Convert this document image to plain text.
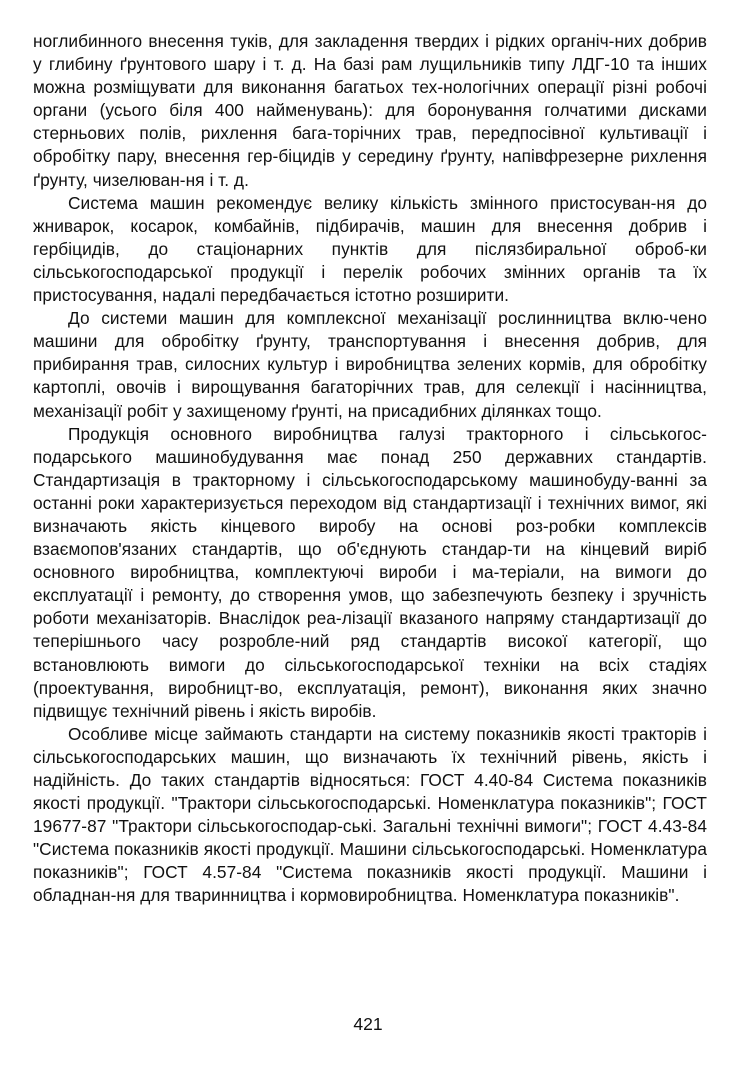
ноглибинного внесення туків, для закладення твердих і рідких органіч-них добрив у глибину ґрунтового шару і т. д. На базі рам лущильників типу ЛДГ-10 та інших можна розміщувати для виконання багатьох тех-нологічних операції різні робочі органи (усього біля 400 найменувань): для боронування голчатими дисками стерньових полів, рихлення бага-торічних трав, передпосівної культивації і обробітку пару, внесення гер-біцидів у середину ґрунту, напівфрезерне рихлення ґрунту, чизелюван-ня і т. д.

Система машин рекомендує велику кількість змінного пристосуван-ня до жниварок, косарок, комбайнів, підбирачів, машин для внесення добрив і гербіцидів, до стаціонарних пунктів для післязбиральної оброб-ки сільськогосподарської продукції і перелік робочих змінних органів та їх пристосування, надалі передбачається істотно розширити.

До системи машин для комплексної механізації рослинництва вклю-чено машини для обробітку ґрунту, транспортування і внесення добрив, для прибирання трав, силосних культур і виробництва зелених кормів, для обробітку картоплі, овочів і вирощування багаторічних трав, для селекції і насінництва, механізації робіт у захищеному ґрунті, на присадибних ділянках тощо.

Продукція основного виробництва галузі тракторного і сільськогос-подарського машинобудування має понад 250 державних стандартів. Стандартизація в тракторному і сільськогосподарському машинобуду-ванні за останні роки характеризується переходом від стандартизації і технічних вимог, які визначають якість кінцевого виробу на основі роз-робки комплексів взаємопов'язаних стандартів, що об'єднують стандар-ти на кінцевий виріб основного виробництва, комплектуючі вироби і ма-теріали, на вимоги до експлуатації і ремонту, до створення умов, що забезпечують безпеку і зручність роботи механізаторів. Внаслідок реа-лізації вказаного напряму стандартизації до теперішнього часу розробле-ний ряд стандартів високої категорії, що встановлюють вимоги до сільськогосподарської техніки на всіх стадіях (проектування, виробницт-во, експлуатація, ремонт), виконання яких значно підвищує технічний рівень і якість виробів.

Особливе місце займають стандарти на систему показників якості тракторів і сільськогосподарських машин, що визначають їх технічний рівень, якість і надійність. До таких стандартів відносяться: ГОСТ 4.40-84 Система показників якості продукції. "Трактори сільськогосподарські. Номенклатура показників"; ГОСТ 19677-87 "Трактори сільськогосподар-ські. Загальні технічні вимоги"; ГОСТ 4.43-84 "Система показників якості продукції. Машини сільськогосподарські. Номенклатура показників"; ГОСТ 4.57-84 "Система показників якості продукції. Машини і обладнан-ня для тваринництва і кормовиробництва. Номенклатура показників".

421
